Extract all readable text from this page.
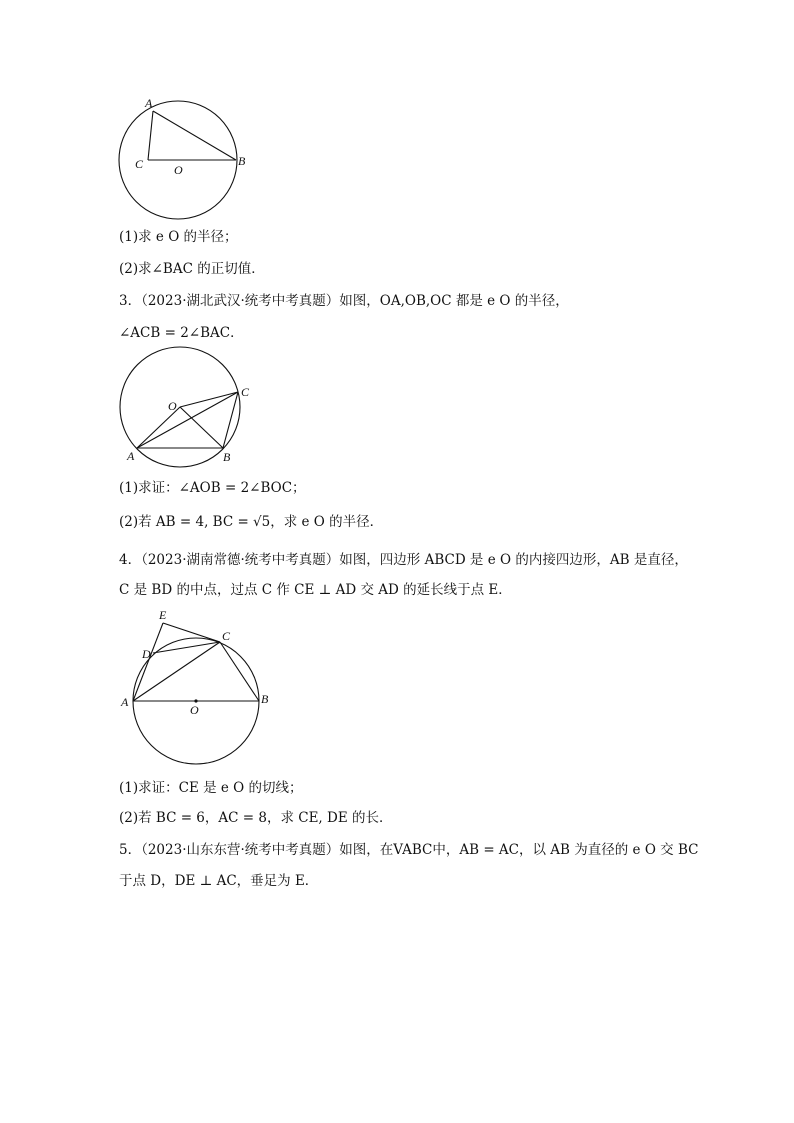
A
B
C	O
(1)求 e O 的半径；
(2)求∠BAC 的正切值．
3．（2023·湖北武汉·统考中考真题）如图，OA,OB,OC 都是 e O 的半径，
∠ACB = 2∠BAC．
A	B
C
O
(1)求证：∠AOB = 2∠BOC；
(2)若 AB = 4, BC = √5，求 e O 的半径．
4．（2023·湖南常德·统考中考真题）如图，四边形 ABCD 是 e O 的内接四边形，AB 是直径，
C 是 BD 的中点，过点 C 作 CE ⊥ AD 交 AD 的延长线于点 E．
E
D
C
A	B
O
(1)求证：CE 是 e O 的切线；
(2)若 BC = 6，AC = 8，求 CE, DE 的长．
5．（2023·山东东营·统考中考真题）如图，在VABC中，AB = AC，以 AB 为直径的 e O 交 BC
于点 D，DE ⊥ AC，垂足为 E．
